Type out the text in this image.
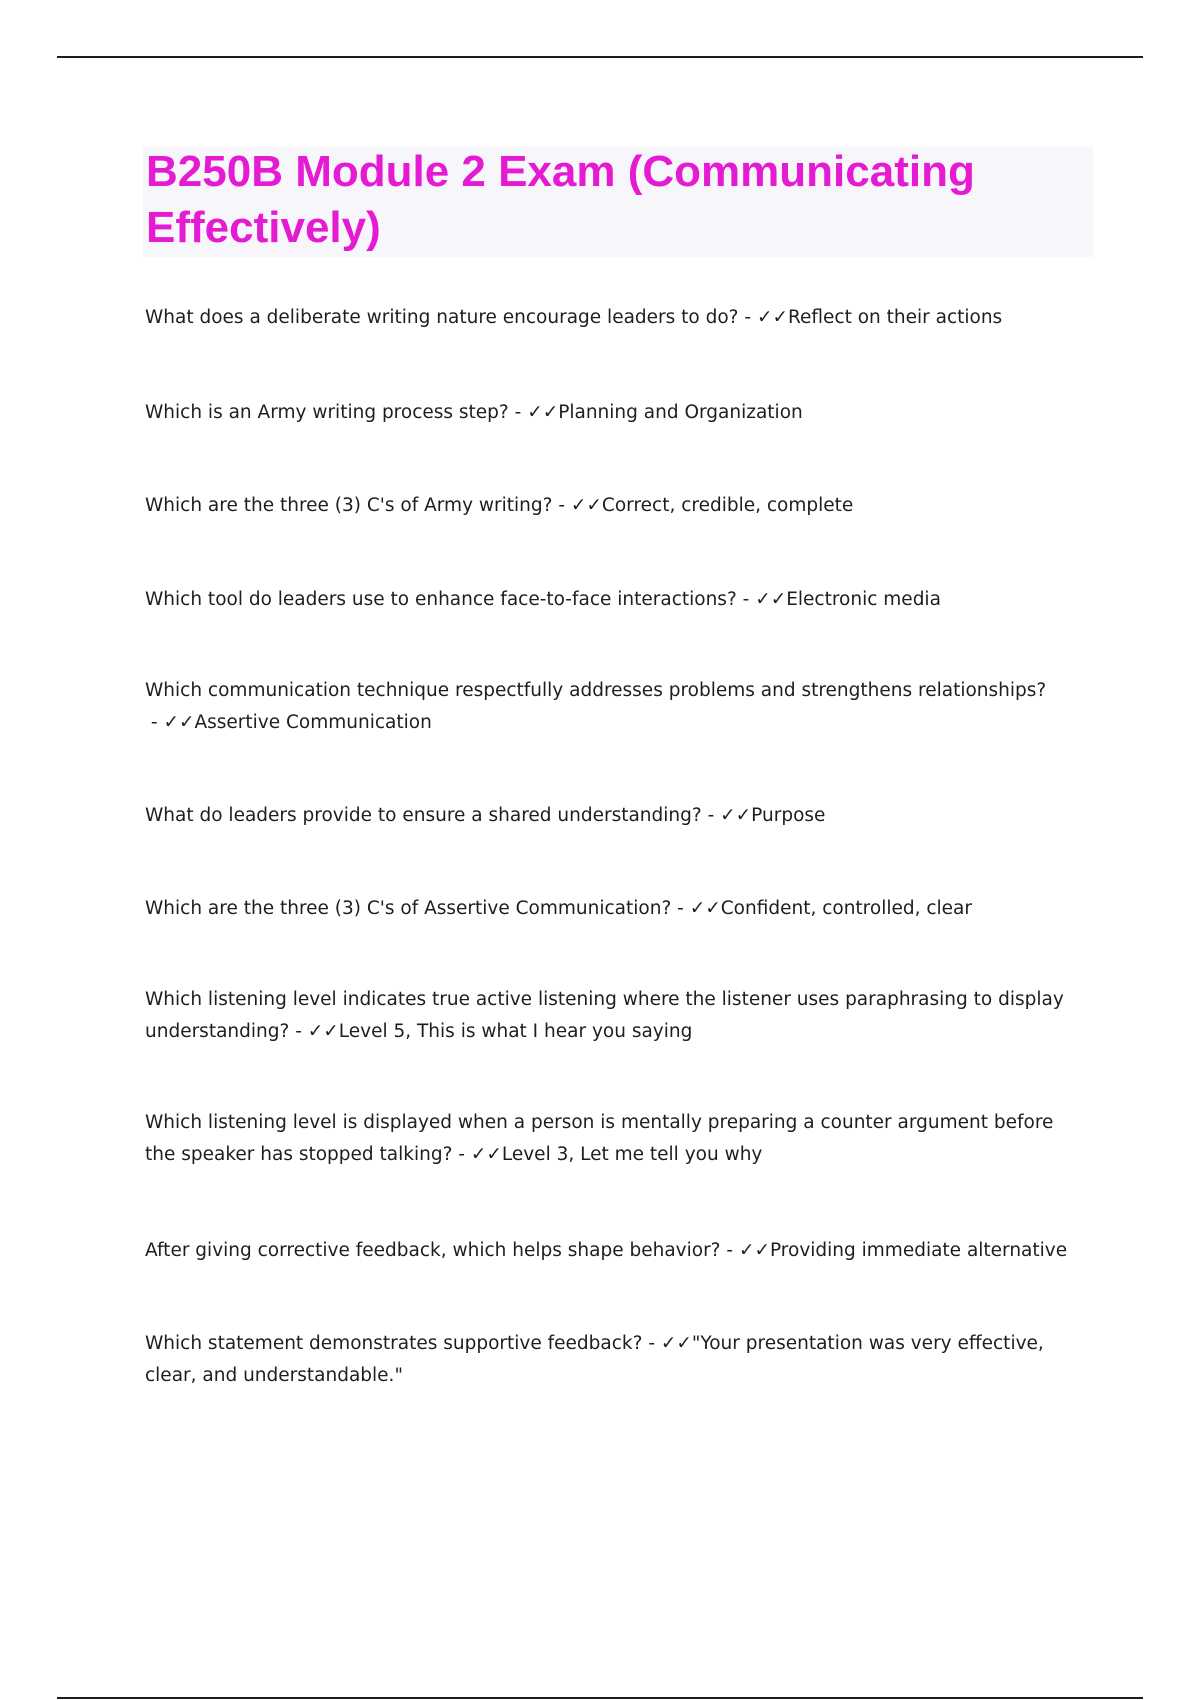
B250B Module 2 Exam (Communicating Effectively)
What does a deliberate writing nature encourage leaders to do? - ✓✓Reflect on their actions
Which is an Army writing process step? - ✓✓Planning and Organization
Which are the three (3) C's of Army writing? - ✓✓Correct, credible, complete
Which tool do leaders use to enhance face-to-face interactions? - ✓✓Electronic media
Which communication technique respectfully addresses problems and strengthens relationships? - ✓✓Assertive Communication
What do leaders provide to ensure a shared understanding? - ✓✓Purpose
Which are the three (3) C's of Assertive Communication? - ✓✓Confident, controlled, clear
Which listening level indicates true active listening where the listener uses paraphrasing to display understanding? - ✓✓Level 5, This is what I hear you saying
Which listening level is displayed when a person is mentally preparing a counter argument before the speaker has stopped talking? - ✓✓Level 3, Let me tell you why
After giving corrective feedback, which helps shape behavior? - ✓✓Providing immediate alternative
Which statement demonstrates supportive feedback? - ✓✓"Your presentation was very effective, clear, and understandable."
